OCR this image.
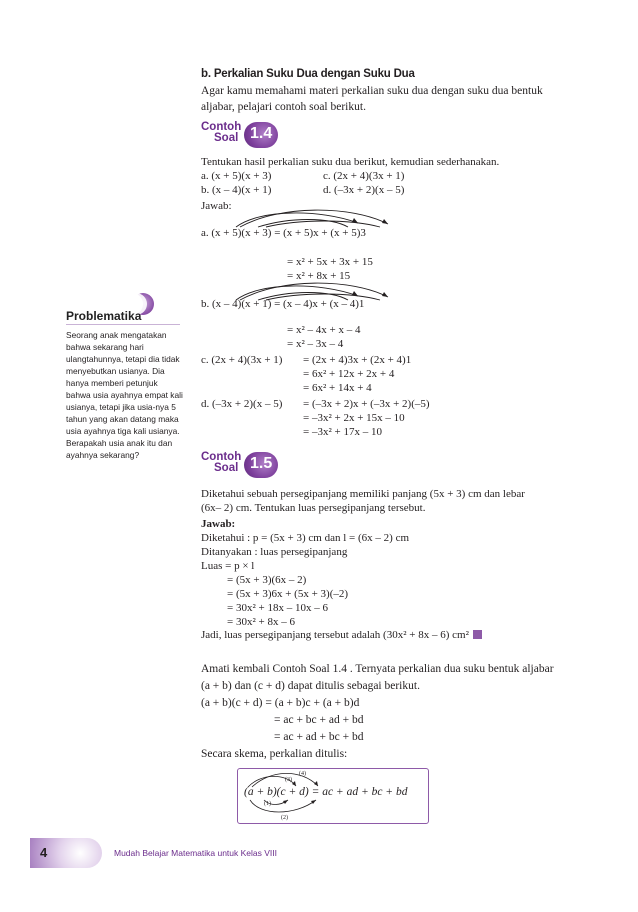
b. Perkalian Suku Dua dengan Suku Dua
Agar kamu memahami materi perkalian suku dua dengan suku dua bentuk
aljabar, pelajari contoh soal berikut.
Contoh
Soal 1.4
Tentukan hasil perkalian suku dua berikut, kemudian sederhanakan.
a. (x + 5)(x + 3)	c. (2x + 4)(3x + 1)
b. (x – 4)(x + 1)	d. (–3x + 2)(x – 5)
Jawab:
a. (x + 5)(x + 3) = (x + 5)x + (x + 5)3
= x² + 5x + 3x + 15
= x² + 8x + 15
b. (x – 4)(x + 1) = (x – 4)x + (x – 4)1
= x² – 4x + x – 4
= x² – 3x – 4
c. (2x + 4)(3x + 1) = (2x + 4)3x + (2x + 4)1
= 6x² + 12x + 2x + 4
= 6x² + 14x + 4
d. (–3x + 2)(x – 5) = (–3x + 2)x + (–3x + 2)(–5)
= –3x² + 2x + 15x – 10
= –3x² + 17x – 10
Contoh
Soal 1.5
Diketahui sebuah persegipanjang memiliki panjang (5x + 3) cm dan lebar
(6x– 2) cm. Tentukan luas persegipanjang tersebut.
Jawab:
Diketahui : p = (5x + 3) cm dan l = (6x – 2) cm
Ditanyakan : luas persegipanjang
Luas = p × l
= (5x + 3)(6x – 2)
= (5x + 3)6x + (5x + 3)(–2)
= 30x² + 18x – 10x – 6
= 30x² + 8x – 6
Jadi, luas persegipanjang tersebut adalah (30x² + 8x – 6) cm²
Amati kembali Contoh Soal 1.4 . Ternyata perkalian dua suku bentuk aljabar
(a + b) dan (c + d) dapat ditulis sebagai berikut.
(a + b)(c + d) = (a + b)c + (a + b)d
= ac + bc + ad + bd
= ac + ad + bc + bd
Secara skema, perkalian ditulis:
(a + b)(c + d) = ac + ad + bc + bd
(3)
(4)
(1)
(2)
Problematika
Seorang anak mengatakan bahwa sekarang hari ulangtahunnya, tetapi dia tidak menyebutkan usianya. Dia hanya memberi petunjuk bahwa usia ayahnya empat kali usianya, tetapi jika usia-nya 5 tahun yang akan datang maka usia ayahnya tiga kali usianya. Berapakah usia anak itu dan ayahnya sekarang?
4	Mudah Belajar Matematika untuk Kelas VIII
